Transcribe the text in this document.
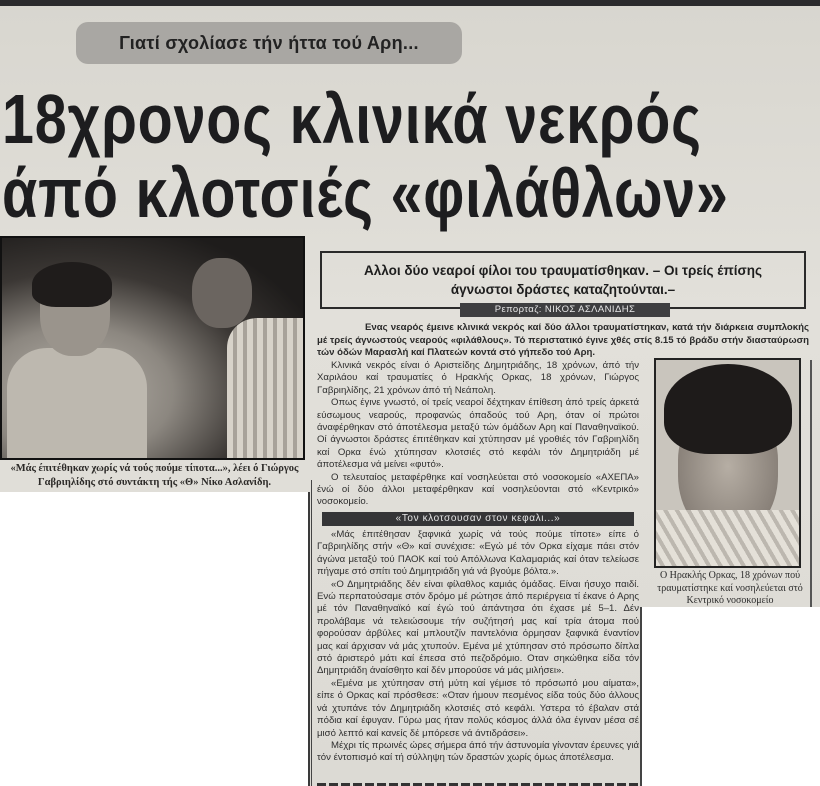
Γιατί σχολίασε τήν ήττα τού Αρη...
18χρονος κλινικά νεκρός
άπό κλοτσιές «φιλάθλων»
«Μάς έπιτέθηκαν χωρίς νά τούς πούμε τίποτα...», λέει ό Γιώργος Γαβριηλίδης στό συντάκτη τής «Θ» Νίκο Ασλανίδη.
Αλλοι δύο νεαροί φίλοι του τραυματίσθηκαν. – Οι τρείς έπίσης άγνωστοι δράστες καταζητούνται.–
Ρεπορταζ: ΝΙΚΟΣ ΑΣΛΑΝΙΔΗΣ

Ενας νεαρός έμεινε κλινικά νεκρός καί δύο άλλοι τραυματίστηκαν, κατά τήν διάρκεια συμπλοκής μέ τρείς άγνωστούς νεαρούς «φιλάθλους». Τό περιστατικό έγινε χθές στίς 8.15 τό βράδυ στήν διασταύρωση τών όδών Μαρασλή καί Πλατεών κοντά στό γήπεδο τού Αρη.

Κλινικά νεκρός είναι ό Αριστείδης Δημητριάδης, 18 χρόνων, άπό τήν Χαριλάου καί τραυματίες ό Ηρακλής Ορκας, 18 χρόνων, Γιώργος Γαβριηλίδης, 21 χρόνων άπό τή Νεάπολη.

Οπως έγινε γνωστό, οί τρείς νεαροί δέχτηκαν έπίθεση άπό τρείς άρκετά εύσωμους νεαρούς, προφανώς όπαδούς τού Αρη, όταν οί πρώτοι άναφέρθηκαν στό άποτέλεσμα μεταξύ τών όμάδων Αρη καί Παναθηναϊκού. Οί άγνωστοι δράστες έπιτέθηκαν καί χτύπησαν μέ γροθιές τόν Γαβριηλίδη καί Ορκα ένώ χτύπησαν κλοτσιές στό κεφάλι τόν Δημητριάδη μέ άποτέλεσμα νά μείνει «φυτό».

Ο τελευταίος μεταφέρθηκε καί νοσηλεύεται στό νοσοκομείο «ΑΧΕΠΑ» ένώ οί δύο άλλοι μεταφέρθηκαν καί νοσηλεύονται στό «Κεντρικό» νοσοκομείο.

«Τον κλοτσουσαν στον κεφαλι...»

«Μάς έπιτέθησαν ξαφνικά χωρίς νά τούς πούμε τίποτε» είπε ό Γαβριηλίδης στήν «Θ» καί συνέχισε: «Εγώ μέ τόν Ορκα είχαμε πάει στόν άγώνα μεταξύ τού ΠΑΟΚ καί τού Απόλλωνα Καλαμαριάς καί όταν τελείωσε πήγαμε στό σπίτι τού Δημητριάδη γιά νά βγούμε βόλτα.».

«Ο Δημητριάδης δέν είναι φίλαθλος καμιάς όμάδας. Είναι ήσυχο παιδί. Ενώ περπατούσαμε στόν δρόμο μέ ρώτησε άπό περιέργεια τί έκανε ό Αρης μέ τόν Παναθηναϊκό καί έγώ τού άπάντησα ότι έχασε μέ 5–1. Δέν προλάβαμε νά τελειώσουμε τήν συζήτησή μας καί τρία άτομα πού φορούσαν άρβύλες καί μπλουτζίν παντελόνια όρμησαν ξαφνικά έναντίον μας καί άρχισαν νά μάς χτυπούν. Εμένα μέ χτύπησαν στό πρόσωπο δίπλα στό άριστερό μάτι καί έπεσα στό πεζοδρόμιο. Οταν σηκώθηκα είδα τόν Δημητριάδη άναίσθητο καί δέν μπορούσε νά μάς μιλήσει».

«Εμένα με χτύπησαν στή μύτη καί γέμισε τό πρόσωπό μου αίματα», είπε ό Ορκας καί πρόσθεσε: «Οταν ήμουν πεσμένος είδα τούς δύο άλλους νά χτυπάνε τόν Δημητριάδη κλοτσιές στό κεφάλι. Υστερα τό έβαλαν στά πόδια καί έφυγαν. Γύρω μας ήταν πολύς κόσμος άλλά όλα έγιναν μέσα σέ μισό λεπτό καί κανείς δέ μπόρεσε νά άντιδράσει».

Μέχρι τίς πρωινές ώρες σήμερα άπό τήν άστυνομία γίνονταν έρευνες γιά τόν έντοπισμό καί τή σύλληψη τών δραστών χωρίς όμως άποτέλεσμα.

Ο Ηρακλής Ορκας, 18 χρόνων πού τραυματίστηκε καί νοσηλεύεται στό Κεντρικό νοσοκομείο
